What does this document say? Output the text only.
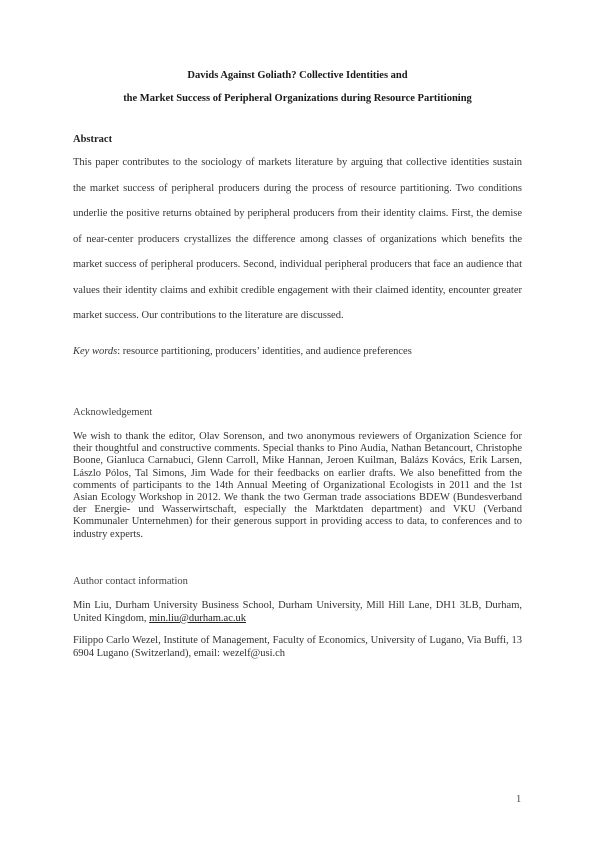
Davids Against Goliath? Collective Identities and
the Market Success of Peripheral Organizations during Resource Partitioning
Abstract
This paper contributes to the sociology of markets literature by arguing that collective identities sustain the market success of peripheral producers during the process of resource partitioning. Two conditions underlie the positive returns obtained by peripheral producers from their identity claims. First, the demise of near-center producers crystallizes the difference among classes of organizations which benefits the market success of peripheral producers. Second, individual peripheral producers that face an audience that values their identity claims and exhibit credible engagement with their claimed identity, encounter greater market success. Our contributions to the literature are discussed.
Key words: resource partitioning, producers’ identities, and audience preferences
Acknowledgement
We wish to thank the editor, Olav Sorenson, and two anonymous reviewers of Organization Science for their thoughtful and constructive comments. Special thanks to Pino Audia, Nathan Betancourt, Christophe Boone, Gianluca Carnabuci, Glenn Carroll, Mike Hannan, Jeroen Kuilman, Balázs Kovács, Erik Larsen, Lászlo Pólos, Tal Simons, Jim Wade for their feedbacks on earlier drafts. We also benefitted from the comments of participants to the 14th Annual Meeting of Organizational Ecologists in 2011 and the 1st Asian Ecology Workshop in 2012. We thank the two German trade associations BDEW (Bundesverband der Energie- und Wasserwirtschaft, especially the Marktdaten department) and VKU (Verband Kommunaler Unternehmen) for their generous support in providing access to data, to conferences and to industry experts.
Author contact information
Min Liu, Durham University Business School, Durham University, Mill Hill Lane, DH1 3LB, Durham, United Kingdom, min.liu@durham.ac.uk
Filippo Carlo Wezel, Institute of Management, Faculty of Economics, University of Lugano, Via Buffi, 13 6904 Lugano (Switzerland), email: wezelf@usi.ch
1
